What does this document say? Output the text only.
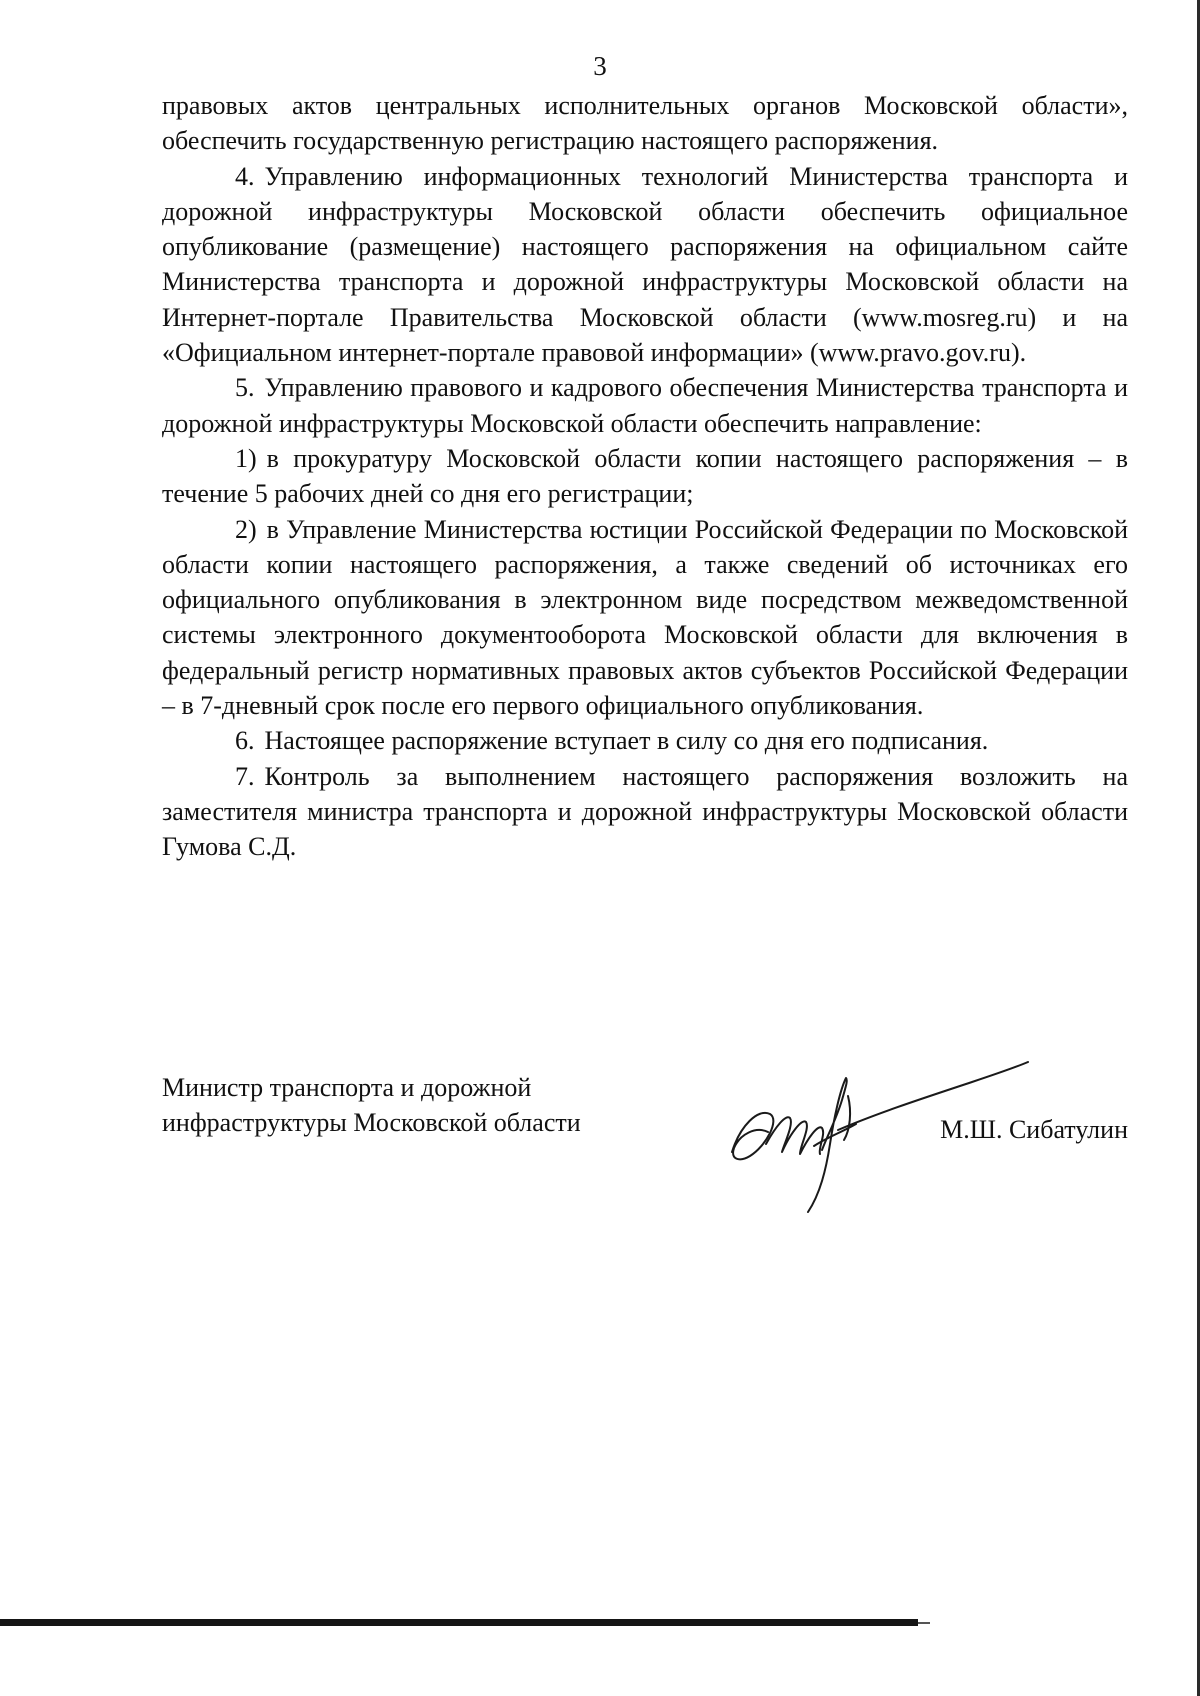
3

правовых актов центральных исполнительных органов Московской области», обеспечить государственную регистрацию настоящего распоряжения.

4. Управлению информационных технологий Министерства транспорта и дорожной инфраструктуры Московской области обеспечить официальное опубликование (размещение) настоящего распоряжения на официальном сайте Министерства транспорта и дорожной инфраструктуры Московской области на Интернет-портале Правительства Московской области (www.mosreg.ru) и на «Официальном интернет-портале правовой информации» (www.pravo.gov.ru).

5. Управлению правового и кадрового обеспечения Министерства транспорта и дорожной инфраструктуры Московской области обеспечить направление:

1) в прокуратуру Московской области копии настоящего распоряжения – в течение 5 рабочих дней со дня его регистрации;

2) в Управление Министерства юстиции Российской Федерации по Московской области копии настоящего распоряжения, а также сведений об источниках его официального опубликования в электронном виде посредством межведомственной системы электронного документооборота Московской области для включения в федеральный регистр нормативных правовых актов субъектов Российской Федерации – в 7-дневный срок после его первого официального опубликования.

6. Настоящее распоряжение вступает в силу со дня его подписания.

7. Контроль за выполнением настоящего распоряжения возложить на заместителя министра транспорта и дорожной инфраструктуры Московской области Гумова С.Д.

Министр транспорта и дорожной
инфраструктуры Московской области	М.Ш. Сибатулин
